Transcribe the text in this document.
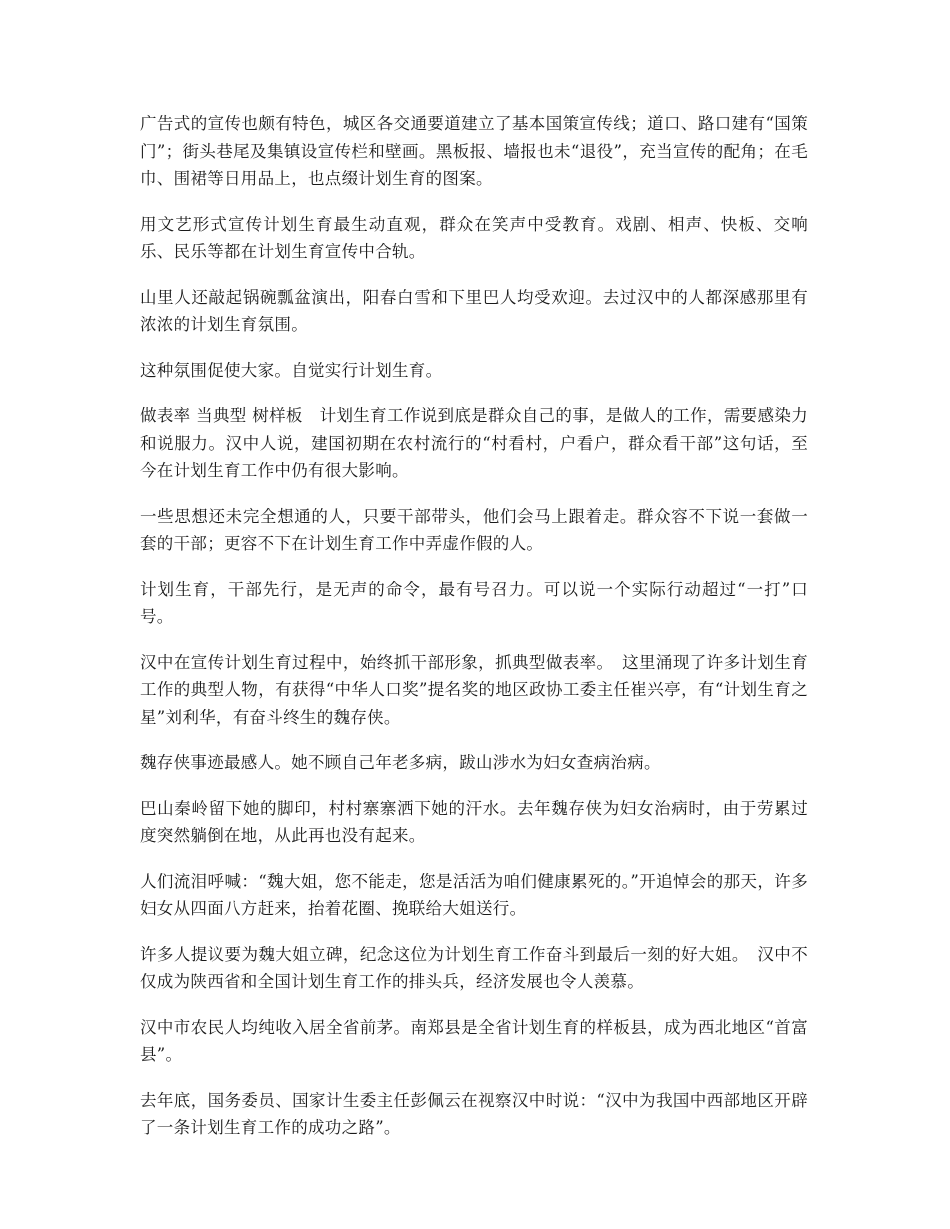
广告式的宣传也颇有特色，城区各交通要道建立了基本国策宣传线；道口、路口建有“国策门”；街头巷尾及集镇设宣传栏和壁画。黑板报、墙报也未“退役”，充当宣传的配角；在毛巾、围裙等日用品上，也点缀计划生育的图案。

用文艺形式宣传计划生育最生动直观，群众在笑声中受教育。戏剧、相声、快板、交响乐、民乐等都在计划生育宣传中合轨。

山里人还敲起锅碗瓢盆演出，阳春白雪和下里巴人均受欢迎。去过汉中的人都深感那里有浓浓的计划生育氛围。

这种氛围促使大家。自觉实行计划生育。

做表率 当典型 树样板　计划生育工作说到底是群众自己的事，是做人的工作，需要感染力和说服力。汉中人说，建国初期在农村流行的“村看村，户看户，群众看干部”这句话，至今在计划生育工作中仍有很大影响。

一些思想还未完全想通的人，只要干部带头，他们会马上跟着走。群众容不下说一套做一套的干部；更容不下在计划生育工作中弄虚作假的人。

计划生育，干部先行，是无声的命令，最有号召力。可以说一个实际行动超过“一打”口号。

汉中在宣传计划生育过程中，始终抓干部形象，抓典型做表率。　这里涌现了许多计划生育工作的典型人物，有获得“中华人口奖”提名奖的地区政协工委主任崔兴亭，有“计划生育之星”刘利华，有奋斗终生的魏存侠。

魏存侠事迹最感人。她不顾自己年老多病，跋山涉水为妇女查病治病。

巴山秦岭留下她的脚印，村村寨寨洒下她的汗水。去年魏存侠为妇女治病时，由于劳累过度突然躺倒在地，从此再也没有起来。

人们流泪呼喊：“魏大姐，您不能走，您是活活为咱们健康累死的。”开追悼会的那天，许多妇女从四面八方赶来，抬着花圈、挽联给大姐送行。

许多人提议要为魏大姐立碑，纪念这位为计划生育工作奋斗到最后一刻的好大姐。　汉中不仅成为陕西省和全国计划生育工作的排头兵，经济发展也令人羡慕。

汉中市农民人均纯收入居全省前茅。南郑县是全省计划生育的样板县，成为西北地区“首富县”。

去年底，国务委员、国家计生委主任彭佩云在视察汉中时说：“汉中为我国中西部地区开辟了一条计划生育工作的成功之路”。
